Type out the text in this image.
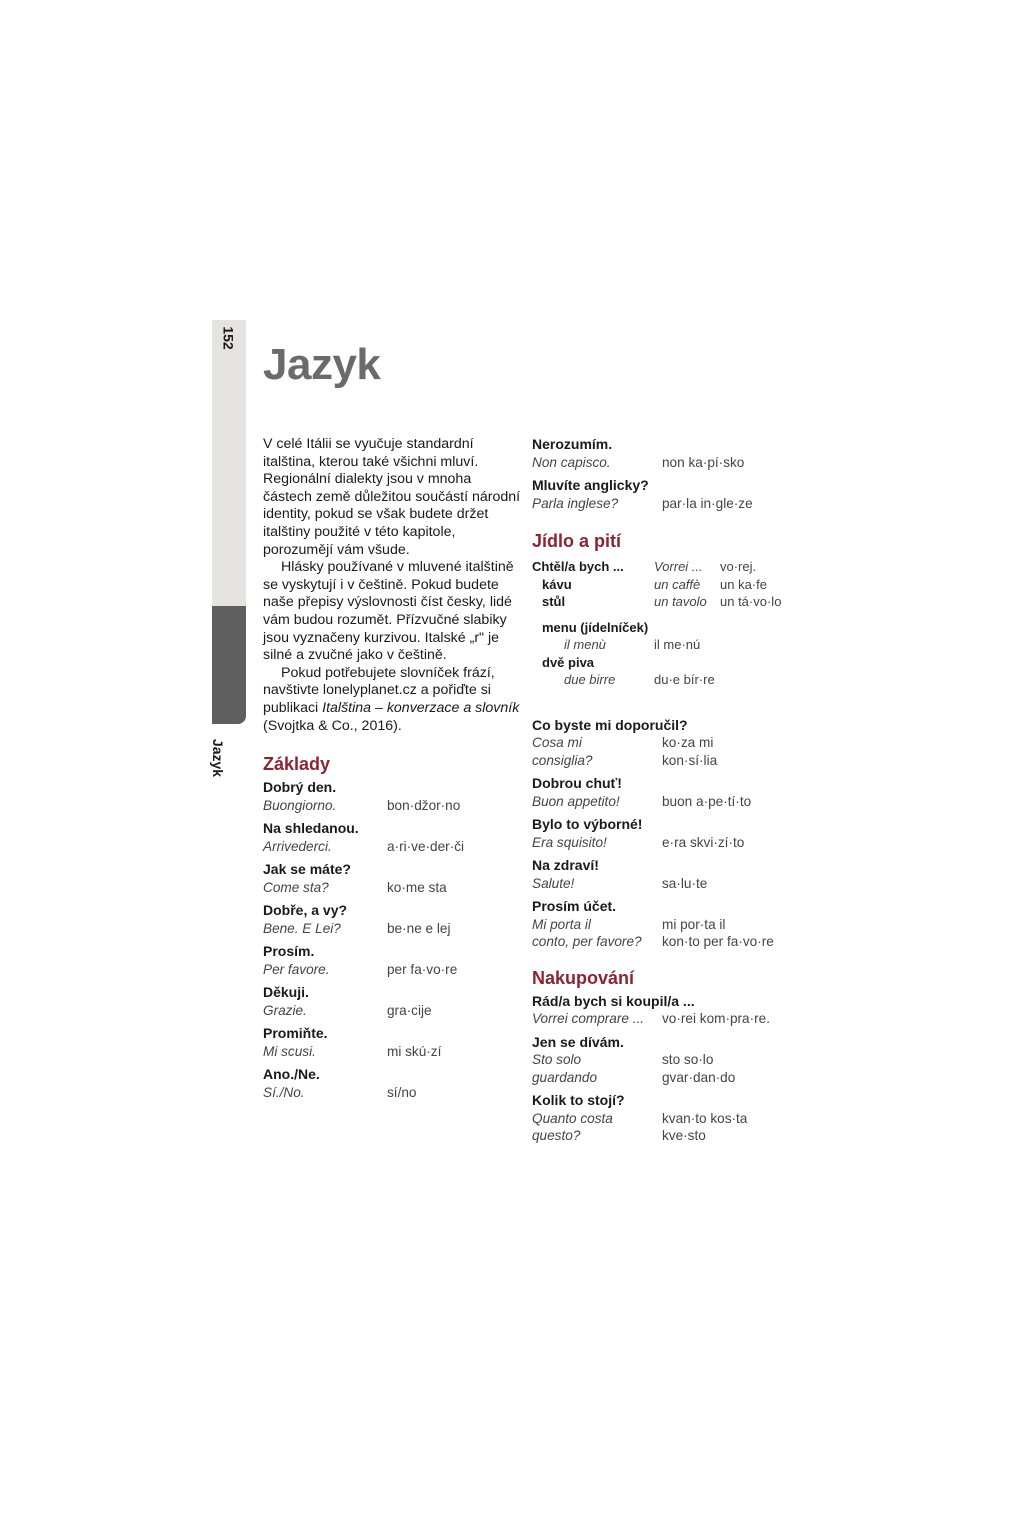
152
Jazyk
Jazyk

V celé Itálii se vyučuje standardní italština, kterou také všichni mluví. Regionální dialekty jsou v mnoha částech země důležitou součástí národní identity, pokud se však budete držet italštiny použité v této kapitole, porozumějí vám všude.

Hlásky používané v mluvené italštině se vyskytují i v češtině. Pokud budete naše přepisy výslovnosti číst česky, lidé vám budou rozumět. Přízvučné slabiky jsou vyznačeny kurzivou. Italské „r" je silné a zvučné jako v češtině.

Pokud potřebujete slovníček frází, navštivte lonelyplanet.cz a pořiďte si publikaci Italština – konverzace a slovník (Svojtka & Co., 2016).

Základy
Dobrý den.
Buongiorno.	bon·džor·no
Na shledanou.
Arrivederci.	a·ri·ve·der·či
Jak se máte?
Come sta?	ko·me sta
Dobře, a vy?
Bene. E Lei?	be·ne e lej
Prosím.
Per favore.	per fa·vo·re
Děkuji.
Grazie.	gra·cije
Promiňte.
Mi scusi.	mi skú·zí
Ano./Ne.
Sí./No.	sí/no
Nerozumím.
Non capisco.	non ka·pí·sko
Mluvíte anglicky?
Parla inglese?	par·la in·gle·ze
Jídlo a pití
Chtěl/a bych ...	Vorrei ...	vo·rej.
kávu	un caffè	un ka·fe
stůl	un tavolo	un tá·vo·lo
menu (jídelníček)
il menù	il me·nú
dvě piva
due birre	du·e bír·re
Co byste mi doporučil?
Cosa mi	ko·za mi
consiglia?	kon·sí·lia
Dobrou chuť!
Buon appetito!	buon a·pe·tí·to
Bylo to výborné!
Era squisito!	e·ra skvi·zí·to
Na zdraví!
Salute!	sa·lu·te
Prosím účet.
Mi porta il	mi por·ta il
conto, per favore?	kon·to per fa·vo·re
Nakupování
Rád/a bych si koupil/a ...
Vorrei comprare ...	vo·rei kom·pra·re.
Jen se dívám.
Sto solo	sto so·lo
guardando	gvar·dan·do
Kolik to stojí?
Quanto costa	kvan·to kos·ta
questo?	kve·sto
